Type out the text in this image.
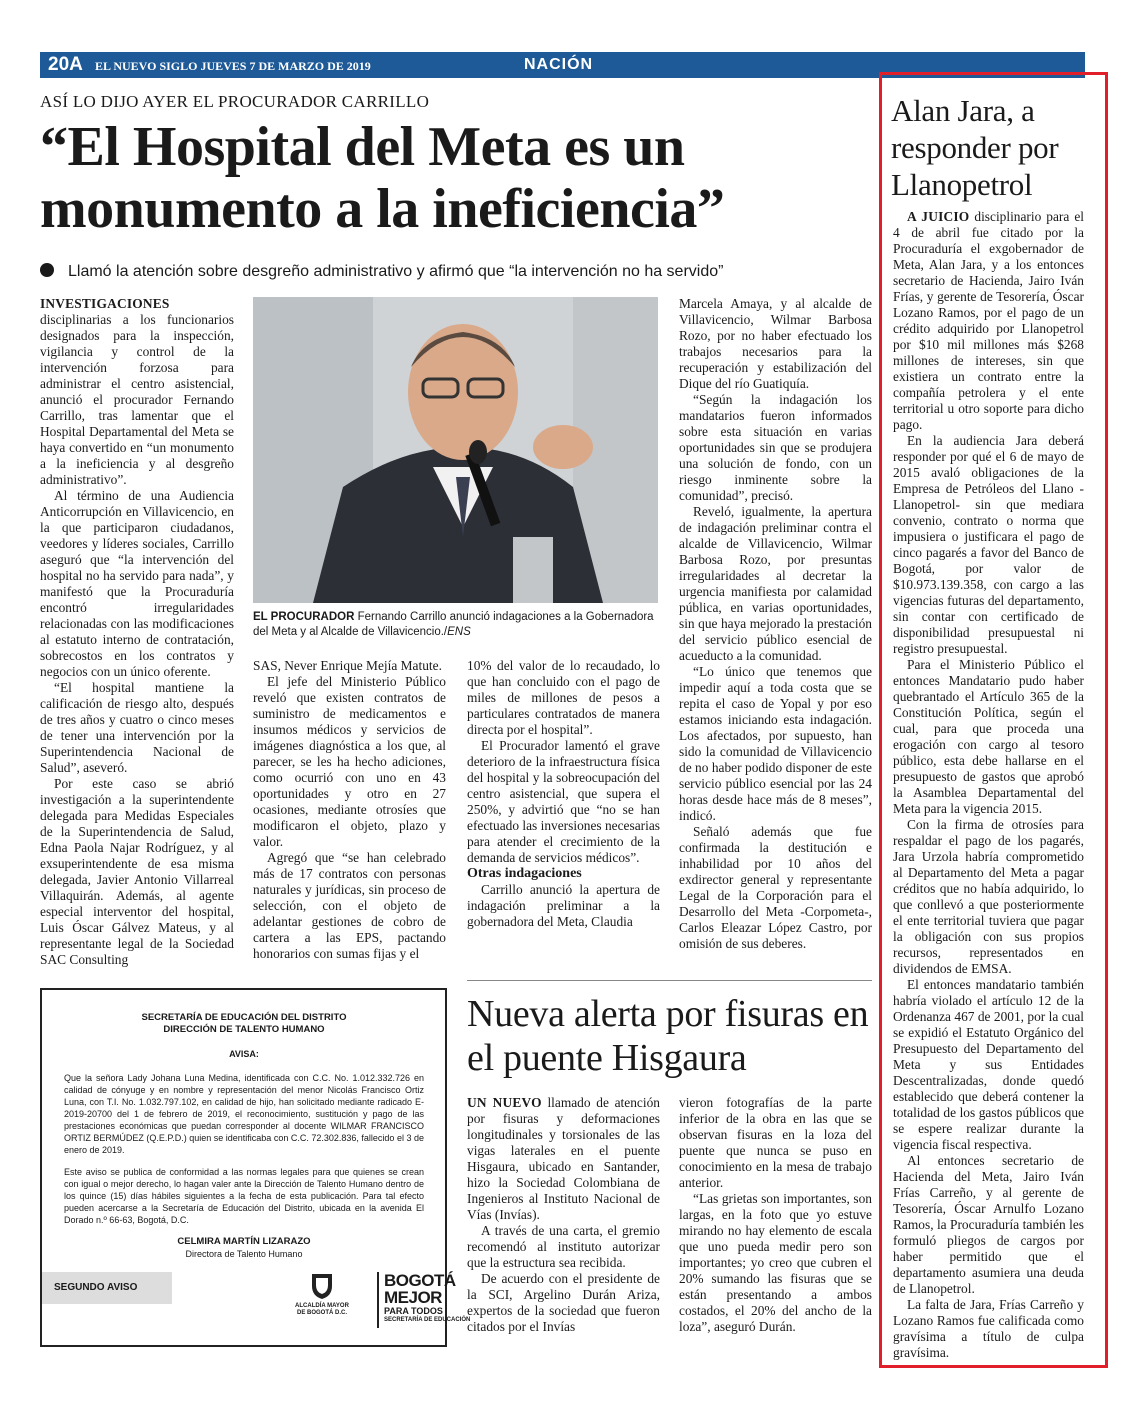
20A EL NUEVO SIGLO JUEVES 7 DE MARZO DE 2019	NACIÓN
ASÍ LO DIJO AYER EL PROCURADOR CARRILLO
“El Hospital del Meta es un monumento a la ineficiencia”
Llamó la atención sobre desgreño administrativo y afirmó que “la intervención no ha servido”

INVESTIGACIONES disciplinarias a los funcionarios designados para la inspección, vigilancia y control de la intervención forzosa para administrar el centro asistencial, anunció el procurador Fernando Carrillo, tras lamentar que el Hospital Departamental del Meta se haya convertido en “un monumento a la ineficiencia y al desgreño administrativo”.

Al término de una Audiencia Anticorrupción en Villavicencio, en la que participaron ciudadanos, veedores y líderes sociales, Carrillo aseguró que “la intervención del hospital no ha servido para nada”, y manifestó que la Procuraduría encontró irregularidades relacionadas con las modificaciones al estatuto interno de contratación, sobrecostos en los contratos y negocios con un único oferente.

“El hospital mantiene la calificación de riesgo alto, después de tres años y cuatro o cinco meses de tener una intervención por la Superintendencia Nacional de Salud”, aseveró.

Por este caso se abrió investigación a la superintendente delegada para Medidas Especiales de la Superintendencia de Salud, Edna Paola Najar Rodríguez, y al exsuperintendente de esa misma delegada, Javier Antonio Villarreal Villaquirán. Además, al agente especial interventor del hospital, Luis Óscar Gálvez Mateus, y al representante legal de la Sociedad SAC Consulting

EL PROCURADOR Fernando Carrillo anunció indagaciones a la Gobernadora del Meta y al Alcalde de Villavicencio./ENS

SAS, Never Enrique Mejía Matute.

El jefe del Ministerio Público reveló que existen contratos de suministro de medicamentos e insumos médicos y servicios de imágenes diagnóstica a los que, al parecer, se les ha hecho adiciones, como ocurrió con uno en 43 oportunidades y otro en 27 ocasiones, mediante otrosíes que modificaron el objeto, plazo y valor.

Agregó que “se han celebrado más de 17 contratos con personas naturales y jurídicas, sin proceso de selección, con el objeto de adelantar gestiones de cobro de cartera a las EPS, pactando honorarios con sumas fijas y el

10% del valor de lo recaudado, lo que han concluido con el pago de miles de millones de pesos a particulares contratados de manera directa por el hospital”.

El Procurador lamentó el grave deterioro de la infraestructura física del hospital y la sobreocupación del centro asistencial, que supera el 250%, y advirtió que “no se han efectuado las inversiones necesarias para atender el crecimiento de la demanda de servicios médicos”.

Otras indagaciones

Carrillo anunció la apertura de indagación preliminar a la gobernadora del Meta, Claudia

Marcela Amaya, y al alcalde de Villavicencio, Wilmar Barbosa Rozo, por no haber efectuado los trabajos necesarios para la recuperación y estabilización del Dique del río Guatiquía.

“Según la indagación los mandatarios fueron informados sobre esta situación en varias oportunidades sin que se produjera una solución de fondo, con un riesgo inminente sobre la comunidad”, precisó.

Reveló, igualmente, la apertura de indagación preliminar contra el alcalde de Villavicencio, Wilmar Barbosa Rozo, por presuntas irregularidades al decretar la urgencia manifiesta por calamidad pública, en varias oportunidades, sin que haya mejorado la prestación del servicio público esencial de acueducto a la comunidad.

“Lo único que tenemos que impedir aquí a toda costa que se repita el caso de Yopal y por eso estamos iniciando esta indagación. Los afectados, por supuesto, han sido la comunidad de Villavicencio de no haber podido disponer de este servicio público esencial por las 24 horas desde hace más de 8 meses”, indicó.

Señaló además que fue confirmada la destitución e inhabilidad por 10 años del exdirector general y representante Legal de la Corporación para el Desarrollo del Meta -Corpometa-, Carlos Eleazar López Castro, por omisión de sus deberes.

Nueva alerta por fisuras en el puente Hisgaura

UN NUEVO llamado de atención por fisuras y deformaciones longitudinales y torsionales de las vigas laterales en el puente Hisgaura, ubicado en Santander, hizo la Sociedad Colombiana de Ingenieros al Instituto Nacional de Vías (Invías).

A través de una carta, el gremio recomendó al instituto autorizar que la estructura sea recibida.

De acuerdo con el presidente de la SCI, Argelino Durán Ariza, expertos de la sociedad que fueron citados por el Invías

vieron fotografías de la parte inferior de la obra en las que se observan fisuras en la loza del puente que nunca se puso en conocimiento en la mesa de trabajo anterior.

“Las grietas son importantes, son largas, en la foto que yo estuve mirando no hay elemento de escala que uno pueda medir pero son importantes; yo creo que cubren el 20% sumando las fisuras que se están presentando a ambos costados, el 20% del ancho de la loza”, aseguró Durán.

SECRETARÍA DE EDUCACIÓN DEL DISTRITO
DIRECCIÓN DE TALENTO HUMANO
AVISA:

Que la señora Lady Johana Luna Medina, identificada con C.C. No. 1.012.332.726 en calidad de cónyuge y en nombre y representación del menor Nicolás Francisco Ortiz Luna, con T.I. No. 1.032.797.102, en calidad de hijo, han solicitado mediante radicado E-2019-20700 del 1 de febrero de 2019, el reconocimiento, sustitución y pago de las prestaciones económicas que puedan corresponder al docente WILMAR FRANCISCO ORTIZ BERMÚDEZ (Q.E.P.D.) quien se identificaba con C.C. 72.302.836, fallecido el 3 de enero de 2019.

Este aviso se publica de conformidad a las normas legales para que quienes se crean con igual o mejor derecho, lo hagan valer ante la Dirección de Talento Humano dentro de los quince (15) días hábiles siguientes a la fecha de esta publicación. Para tal efecto pueden acercarse a la Secretaría de Educación del Distrito, ubicada en la avenida El Dorado n.º 66-63, Bogotá, D.C.

CELMIRA MARTÍN LIZARAZO
Directora de Talento Humano
SEGUNDO AVISO
ALCALDÍA MAYOR
DE BOGOTÁ D.C.
BOGOTÁ
MEJOR
PARA TODOS
SECRETARÍA DE EDUCACIÓN
Alan Jara, a responder por Llanopetrol

A JUICIO disciplinario para el 4 de abril fue citado por la Procuraduría el exgobernador de Meta, Alan Jara, y a los entonces secretario de Hacienda, Jairo Iván Frías, y gerente de Tesorería, Óscar Lozano Ramos, por el pago de un crédito adquirido por Llanopetrol por $10 mil millones más $268 millones de intereses, sin que existiera un contrato entre la compañía petrolera y el ente territorial u otro soporte para dicho pago.

En la audiencia Jara deberá responder por qué el 6 de mayo de 2015 avaló obligaciones de la Empresa de Petróleos del Llano -Llanopetrol- sin que mediara convenio, contrato o norma que impusiera o justificara el pago de cinco pagarés a favor del Banco de Bogotá, por valor de $10.973.139.358, con cargo a las vigencias futuras del departamento, sin contar con certificado de disponibilidad presupuestal ni registro presupuestal.

Para el Ministerio Público el entonces Mandatario pudo haber quebrantado el Artículo 365 de la Constitución Política, según el cual, para que proceda una erogación con cargo al tesoro público, esta debe hallarse en el presupuesto de gastos que aprobó la Asamblea Departamental del Meta para la vigencia 2015.

Con la firma de otrosíes para respaldar el pago de los pagarés, Jara Urzola habría comprometido al Departamento del Meta a pagar créditos que no había adquirido, lo que conllevó a que posteriormente el ente territorial tuviera que pagar la obligación con sus propios recursos, representados en dividendos de EMSA.

El entonces mandatario también habría violado el artículo 12 de la Ordenanza 467 de 2001, por la cual se expidió el Estatuto Orgánico del Presupuesto del Departamento del Meta y sus Entidades Descentralizadas, donde quedó establecido que deberá contener la totalidad de los gastos públicos que se espere realizar durante la vigencia fiscal respectiva.

Al entonces secretario de Hacienda del Meta, Jairo Iván Frías Carreño, y al gerente de Tesorería, Óscar Arnulfo Lozano Ramos, la Procuraduría también les formuló pliegos de cargos por haber permitido que el departamento asumiera una deuda de Llanopetrol.

La falta de Jara, Frías Carreño y Lozano Ramos fue calificada como gravísima a título de culpa gravísima.
